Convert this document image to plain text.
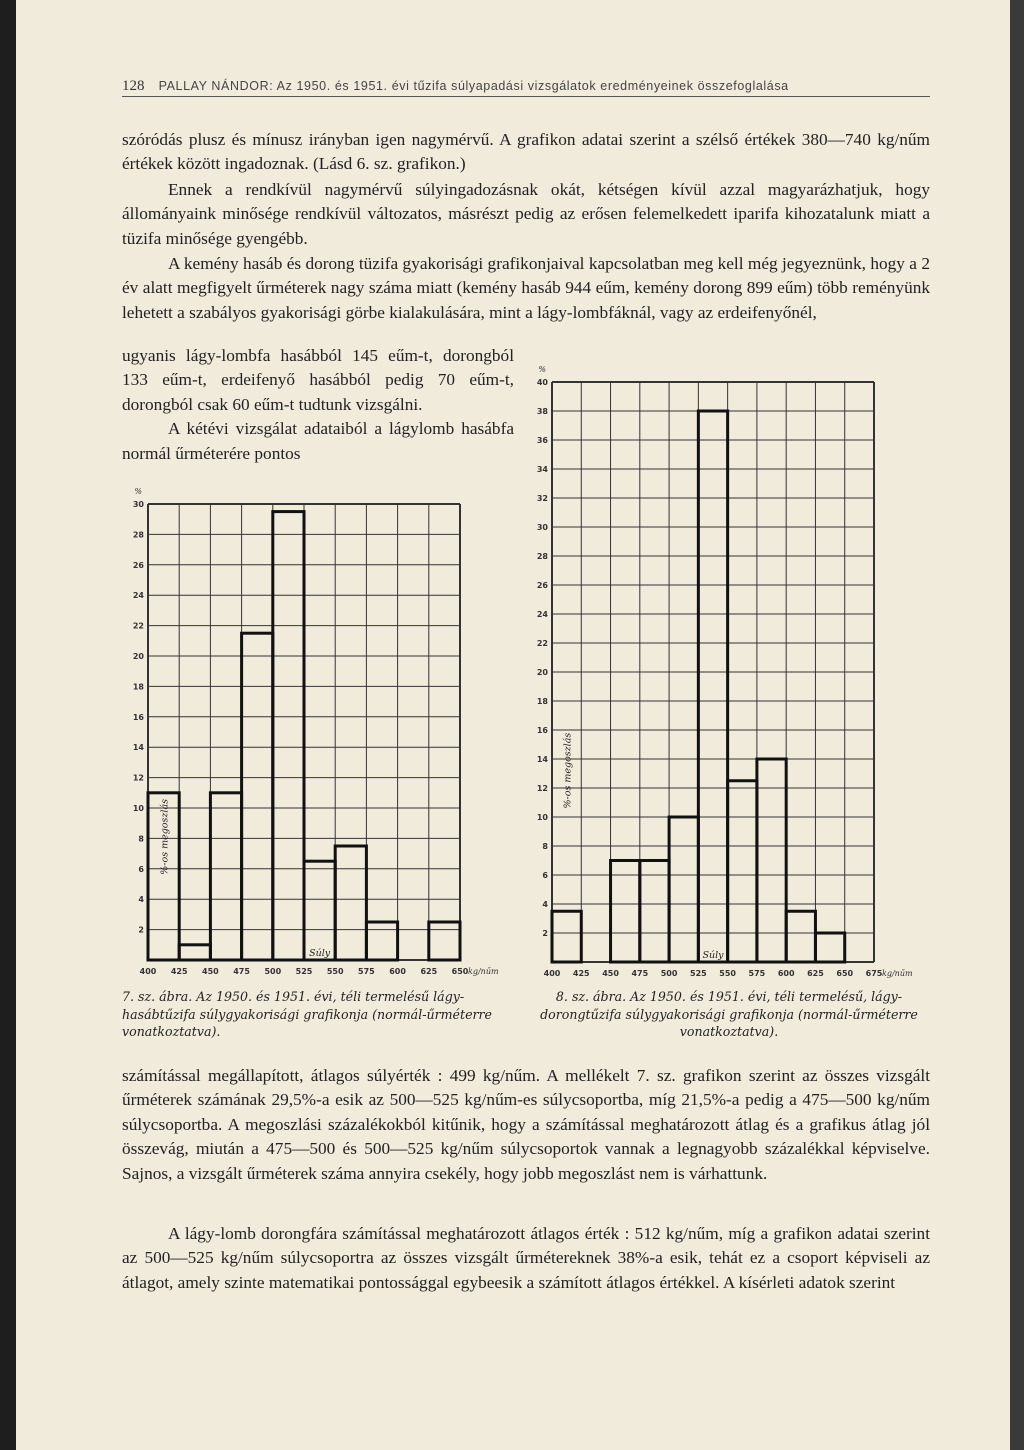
128 PALLAY NÁNDOR: Az 1950. és 1951. évi tűzifa súlyapadási vizsgálatok eredményeinek összefoglalása

szóródás plusz és mínusz irányban igen nagymérvű. A grafikon adatai szerint a szélső értékek 380—740 kg/nűm értékek között ingadoznak. (Lásd 6. sz. grafikon.)

Ennek a rendkívül nagymérvű súlyingadozásnak okát, kétségen kívül azzal magyarázhatjuk, hogy állományaink minősége rendkívül változatos, másrészt pedig az erősen felemelkedett iparifa kihozatalunk miatt a tüzifa minősége gyengébb.

A kemény hasáb és dorong tüzifa gyakorisági grafikonjaival kapcsolatban meg kell még jegyeznünk, hogy a 2 év alatt megfigyelt űrméterek nagy száma miatt (kemény hasáb 944 eűm, kemény dorong 899 eűm) több reményünk lehetett a szabályos gyakorisági görbe kialakulására, mint a lágy-lombfáknál, vagy az erdeifenyőnél,

ugyanis lágy-lombfa hasábból 145 eűm-t, dorongból 133 eűm-t, erdeifenyő hasábból pedig 70 eűm-t, dorongból csak 60 eűm-t tudtunk vizsgálni.
A kétévi vizsgálat adataiból a lágylomb hasábfa normál űrméterére pontos
2
4
6
8
10
12
14
16
18
20
22
24
26
28
30
%
400 425 450 475 500 525 550 575 600 625 650 kg/nűm
Súly
%-os megoszlás
2
4
6
8
10
12
14
16
18
20
22
24
26
28
30
32
34
36
38
40
%
400 425 450 475 500 525 550 575 600 625 650 675 kg/nűm
Súly
%-os megoszlás

7. sz. ábra. Az 1950. és 1951. évi, téli termelésű lágy-hasábtűzifa súlygyakorisági grafikonja (normál-űrméterre vonatkoztatva).

8. sz. ábra. Az 1950. és 1951. évi, téli termelésű, lágy-dorongtűzifa súlygyakorisági grafikonja (normál-űrméterre vonatkoztatva).

számítással megállapított, átlagos súlyérték : 499 kg/nűm. A mellékelt 7. sz. grafikon szerint az összes vizsgált űrméterek számának 29,5%-a esik az 500—525 kg/nűm-es súlycsoportba, míg 21,5%-a pedig a 475—500 kg/nűm súlycsoportba. A megoszlási százalékokból kitűnik, hogy a számítással meghatározott átlag és a grafikus átlag jól összevág, miután a 475—500 és 500—525 kg/nűm súlycsoportok vannak a legnagyobb százalékkal képviselve. Sajnos, a vizsgált űrméterek száma annyira csekély, hogy jobb megoszlást nem is várhattunk.

A lágy-lomb dorongfára számítással meghatározott átlagos érték : 512 kg/nűm, míg a grafikon adatai szerint az 500—525 kg/nűm súlycsoportra az összes vizsgált űrmétereknek 38%-a esik, tehát ez a csoport képviseli az átlagot, amely szinte matematikai pontossággal egybeesik a számított átlagos értékkel. A kísérleti adatok szerint
